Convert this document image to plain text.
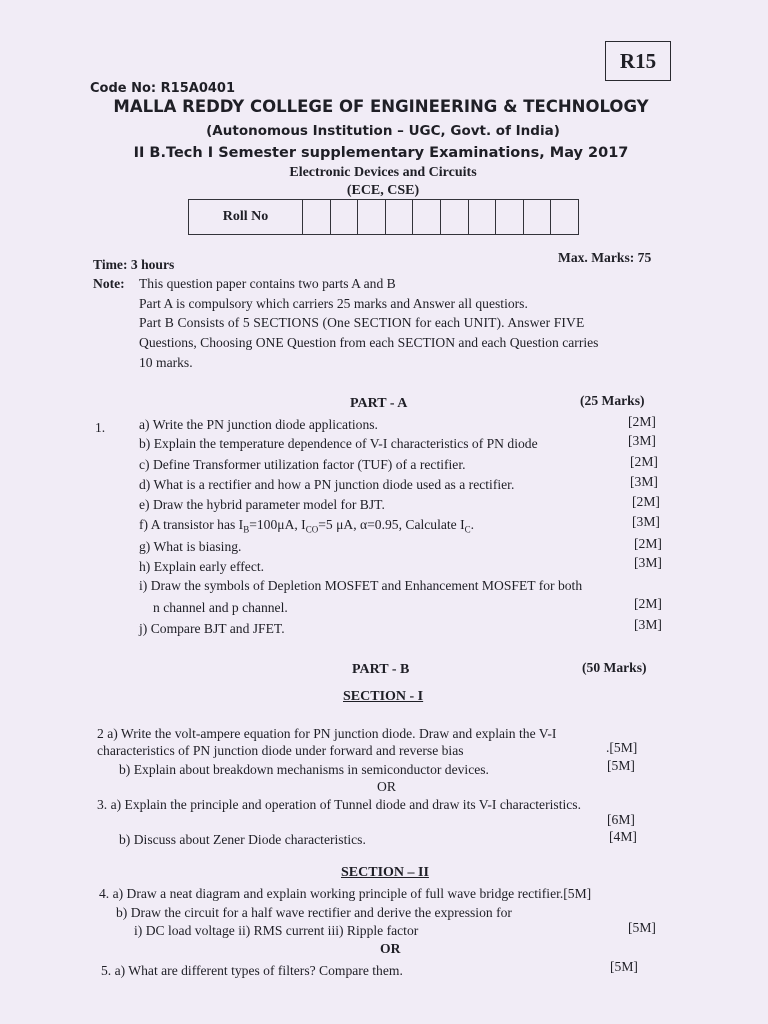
R15
Code No: R15A0401
MALLA REDDY COLLEGE OF ENGINEERING & TECHNOLOGY
(Autonomous Institution – UGC, Govt. of India)
II B.Tech I Semester supplementary Examinations, May 2017
Electronic Devices and Circuits
(ECE, CSE)
Roll No
Time: 3 hours	Max. Marks: 75
Note: This question paper contains two parts A and B
Part A is compulsory which carriers 25 marks and Answer all questiors.
Part B Consists of 5 SECTIONS (One SECTION for each UNIT). Answer FIVE
Questions, Choosing ONE Question from each SECTION and each Question carries
10 marks.
PART - A	(25 Marks)
1. a) Write the PN junction diode applications.	[2M]
b) Explain the temperature dependence of V-I characteristics of PN diode	[3M]
c) Define Transformer utilization factor (TUF) of a rectifier.	[2M]
d) What is a rectifier and how a PN junction diode used as a rectifier.	[3M]
e) Draw the hybrid parameter model for BJT.	[2M]
f) A transistor has $I_B=100\mu A$, $I_{CO}=5$ μA, α=0.95, Calculate $I_C$.	[3M]
g) What is biasing.	[2M]
h) Explain early effect.	[3M]
i) Draw the symbols of Depletion MOSFET and Enhancement MOSFET for both
n channel and p channel.	[2M]
j) Compare BJT and JFET.	[3M]
PART - B	(50 Marks)
SECTION - I
2 a) Write the volt-ampere equation for PN junction diode. Draw and explain the V-I
characteristics of PN junction diode under forward and reverse bias	.[5M]
b) Explain about breakdown mechanisms in semiconductor devices.	[5M]
OR
3. a) Explain the principle and operation of Tunnel diode and draw its V-I characteristics.
[6M]
b) Discuss about Zener Diode characteristics.	[4M]
SECTION – II
4. a) Draw a neat diagram and explain working principle of full wave bridge rectifier.[5M]
b) Draw the circuit for a half wave rectifier and derive the expression for
i) DC load voltage ii) RMS current iii) Ripple factor	[5M]
OR
5. a) What are different types of filters? Compare them.	[5M]
